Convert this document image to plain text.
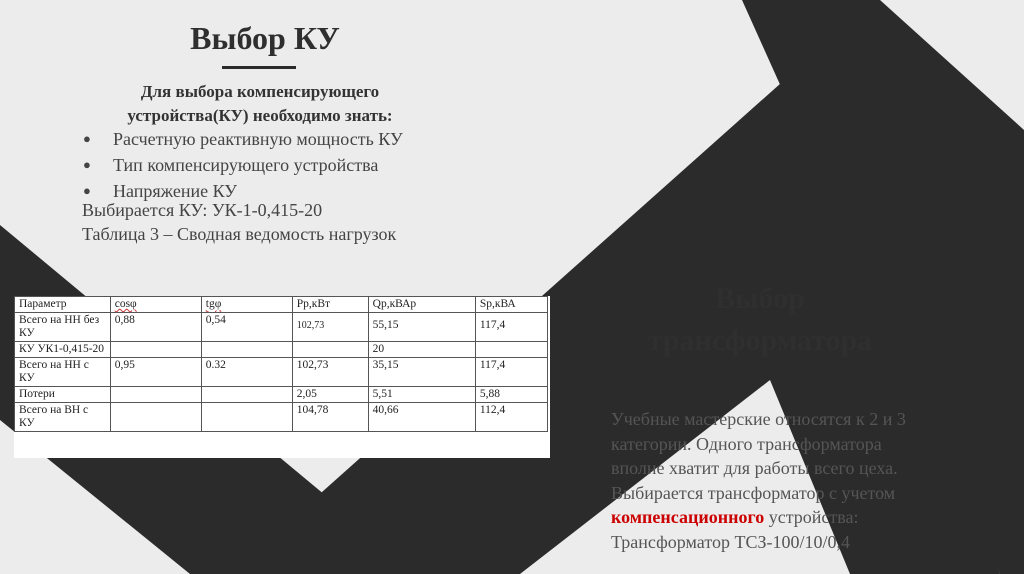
Выбор КУ
Для выбора компенсирующего
устройства(КУ) необходимо знать:
● Расчетную реактивную мощность КУ
● Тип компенсирующего устройства
● Напряжение КУ
Выбирается КУ: УК-1-0,415-20
Таблица 3 – Сводная ведомость нагрузок
Параметр	cosφ	tgφ	Pр,кВт	Qр,кВАр	Sр,кВА
Всего на НН без КУ	0,88	0,54	102,73	55,15	117,4
КУ УК1-0,415-20				20	
Всего на НН с КУ	0,95	0.32	102,73	35,15	117,4
Потери			2,05	5,51	5,88
Всего на ВН с КУ			104,78	40,66	112,4
Выбор
трансформатора
Учебные мастерские относятся к 2 и 3
категории. Одного трансформатора
вполне хватит для работы всего цеха.
Выбирается трансформатор с учетом
компенсационного устройства:
Трансформатор ТСЗ-100/10/0,4
